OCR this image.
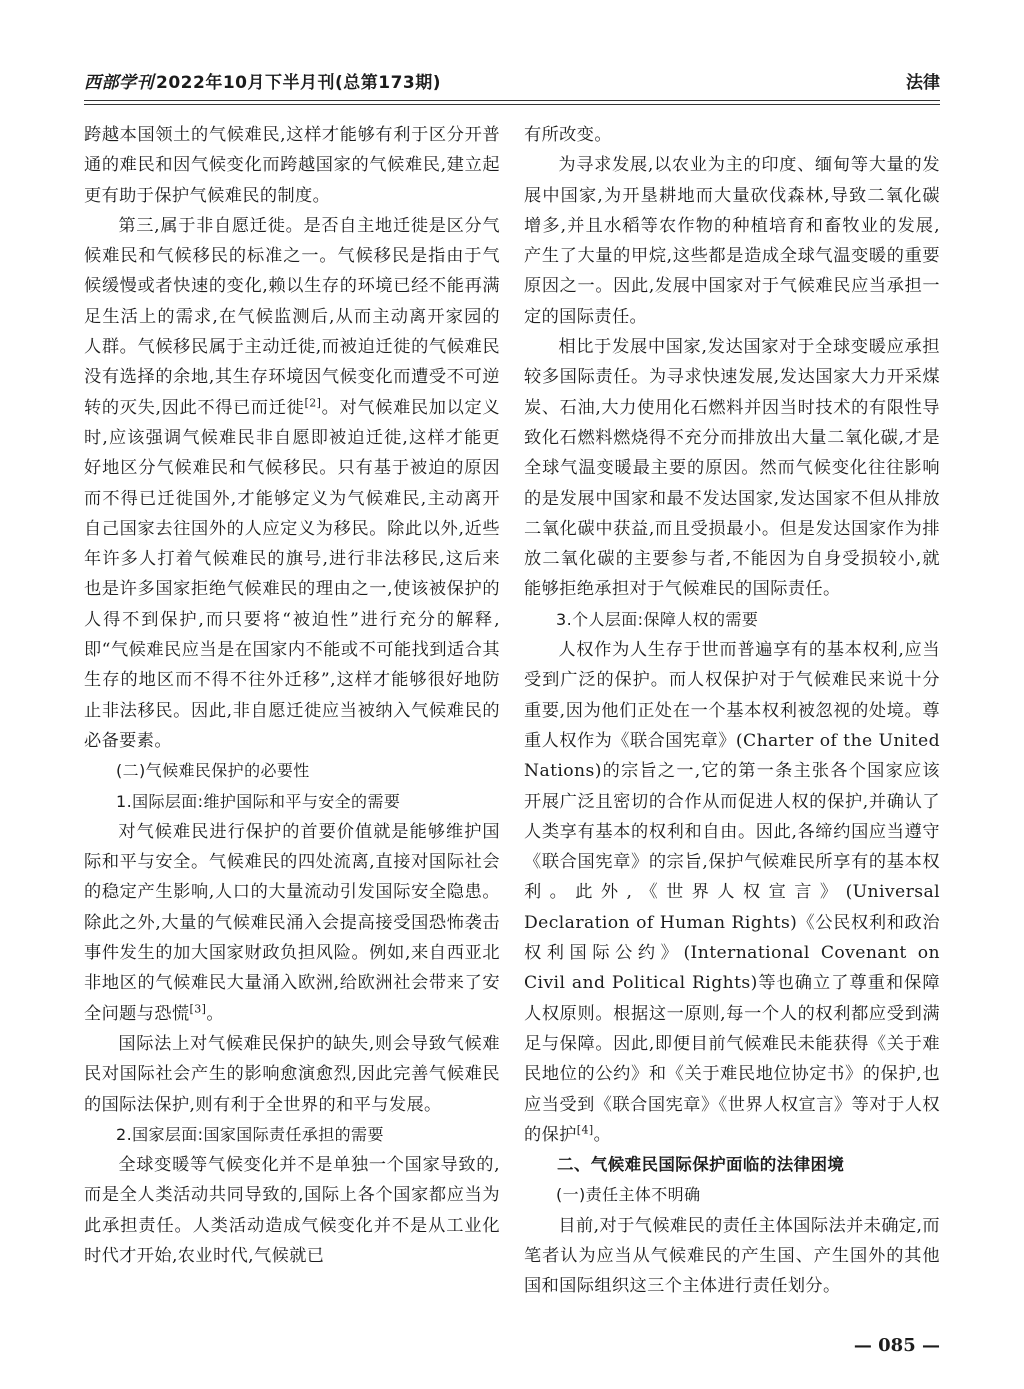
西部学刊 2022年10月下半月刊(总第173期)	法律

跨越本国领土的气候难民,这样才能够有利于区分开普通的难民和因气候变化而跨越国家的气候难民,建立起更有助于保护气候难民的制度。

第三,属于非自愿迁徙。是否自主地迁徙是区分气候难民和气候移民的标准之一。气候移民是指由于气候缓慢或者快速的变化,赖以生存的环境已经不能再满足生活上的需求,在气候监测后,从而主动离开家园的人群。气候移民属于主动迁徙,而被迫迁徙的气候难民没有选择的余地,其生存环境因气候变化而遭受不可逆转的灭失,因此不得已而迁徙[2]。对气候难民加以定义时,应该强调气候难民非自愿即被迫迁徙,这样才能更好地区分气候难民和气候移民。只有基于被迫的原因而不得已迁徙国外,才能够定义为气候难民,主动离开自己国家去往国外的人应定义为移民。除此以外,近些年许多人打着气候难民的旗号,进行非法移民,这后来也是许多国家拒绝气候难民的理由之一,使该被保护的人得不到保护,而只要将“被迫性”进行充分的解释,即“气候难民应当是在国家内不能或不可能找到适合其生存的地区而不得不往外迁移”,这样才能够很好地防止非法移民。因此,非自愿迁徙应当被纳入气候难民的必备要素。

(二)气候难民保护的必要性

1.国际层面:维护国际和平与安全的需要

对气候难民进行保护的首要价值就是能够维护国际和平与安全。气候难民的四处流离,直接对国际社会的稳定产生影响,人口的大量流动引发国际安全隐患。除此之外,大量的气候难民涌入会提高接受国恐怖袭击事件发生的加大国家财政负担风险。例如,来自西亚北非地区的气候难民大量涌入欧洲,给欧洲社会带来了安全问题与恐慌[3]。

国际法上对气候难民保护的缺失,则会导致气候难民对国际社会产生的影响愈演愈烈,因此完善气候难民的国际法保护,则有利于全世界的和平与发展。

2.国家层面:国家国际责任承担的需要

全球变暖等气候变化并不是单独一个国家导致的,而是全人类活动共同导致的,国际上各个国家都应当为此承担责任。人类活动造成气候变化并不是从工业化时代才开始,农业时代,气候就已

有所改变。

为寻求发展,以农业为主的印度、缅甸等大量的发展中国家,为开垦耕地而大量砍伐森林,导致二氧化碳增多,并且水稻等农作物的种植培育和畜牧业的发展,产生了大量的甲烷,这些都是造成全球气温变暖的重要原因之一。因此,发展中国家对于气候难民应当承担一定的国际责任。

相比于发展中国家,发达国家对于全球变暖应承担较多国际责任。为寻求快速发展,发达国家大力开采煤炭、石油,大力使用化石燃料并因当时技术的有限性导致化石燃料燃烧得不充分而排放出大量二氧化碳,才是全球气温变暖最主要的原因。然而气候变化往往影响的是发展中国家和最不发达国家,发达国家不但从排放二氧化碳中获益,而且受损最小。但是发达国家作为排放二氧化碳的主要参与者,不能因为自身受损较小,就能够拒绝承担对于气候难民的国际责任。

3.个人层面:保障人权的需要

人权作为人生存于世而普遍享有的基本权利,应当受到广泛的保护。而人权保护对于气候难民来说十分重要,因为他们正处在一个基本权利被忽视的处境。尊重人权作为《联合国宪章》(Charter of the United Nations)的宗旨之一,它的第一条主张各个国家应该开展广泛且密切的合作从而促进人权的保护,并确认了人类享有基本的权利和自由。因此,各缔约国应当遵守《联合国宪章》的宗旨,保护气候难民所享有的基本权利。此外,《世界人权宣言》(Universal Declaration of Human Rights)《公民权利和政治权利国际公约》(International Covenant on Civil and Political Rights)等也确立了尊重和保障人权原则。根据这一原则,每一个人的权利都应受到满足与保障。因此,即便目前气候难民未能获得《关于难民地位的公约》和《关于难民地位协定书》的保护,也应当受到《联合国宪章》《世界人权宣言》等对于人权的保护[4]。

二、气候难民国际保护面临的法律困境

(一)责任主体不明确

目前,对于气候难民的责任主体国际法并未确定,而笔者认为应当从气候难民的产生国、产生国外的其他国和国际组织这三个主体进行责任划分。

— 085 —
